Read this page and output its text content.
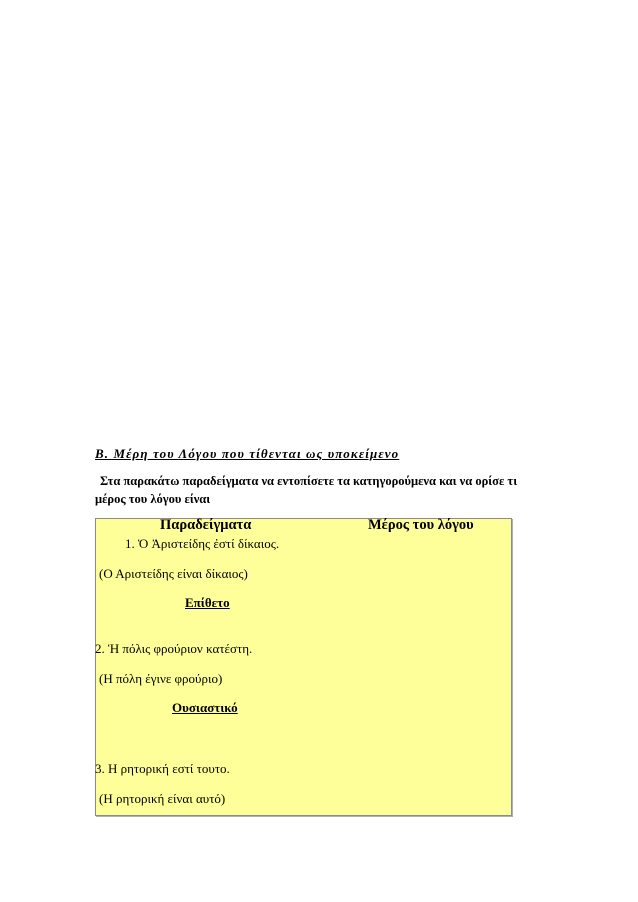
Β. Μέρη του Λόγου που τίθενται ως υποκείμενο
Στα παρακάτω παραδείγματα να εντοπίσετε τα κατηγορούμενα και να ορίσε τι
μέρος του λόγου είναι
Παραδείγματα	Μέρος του λόγου
1. Ὁ Ἀριστείδης ἐστί δίκαιος.
(Ο Αριστείδης είναι δίκαιος)
Επίθετο
2. Ἡ πόλις φρούριον κατέστη.
(Η πόλη έγινε φρούριο)
Ουσιαστικό
3. Η ρητορική εστί τουτο.
(Η ρητορική είναι αυτό)
